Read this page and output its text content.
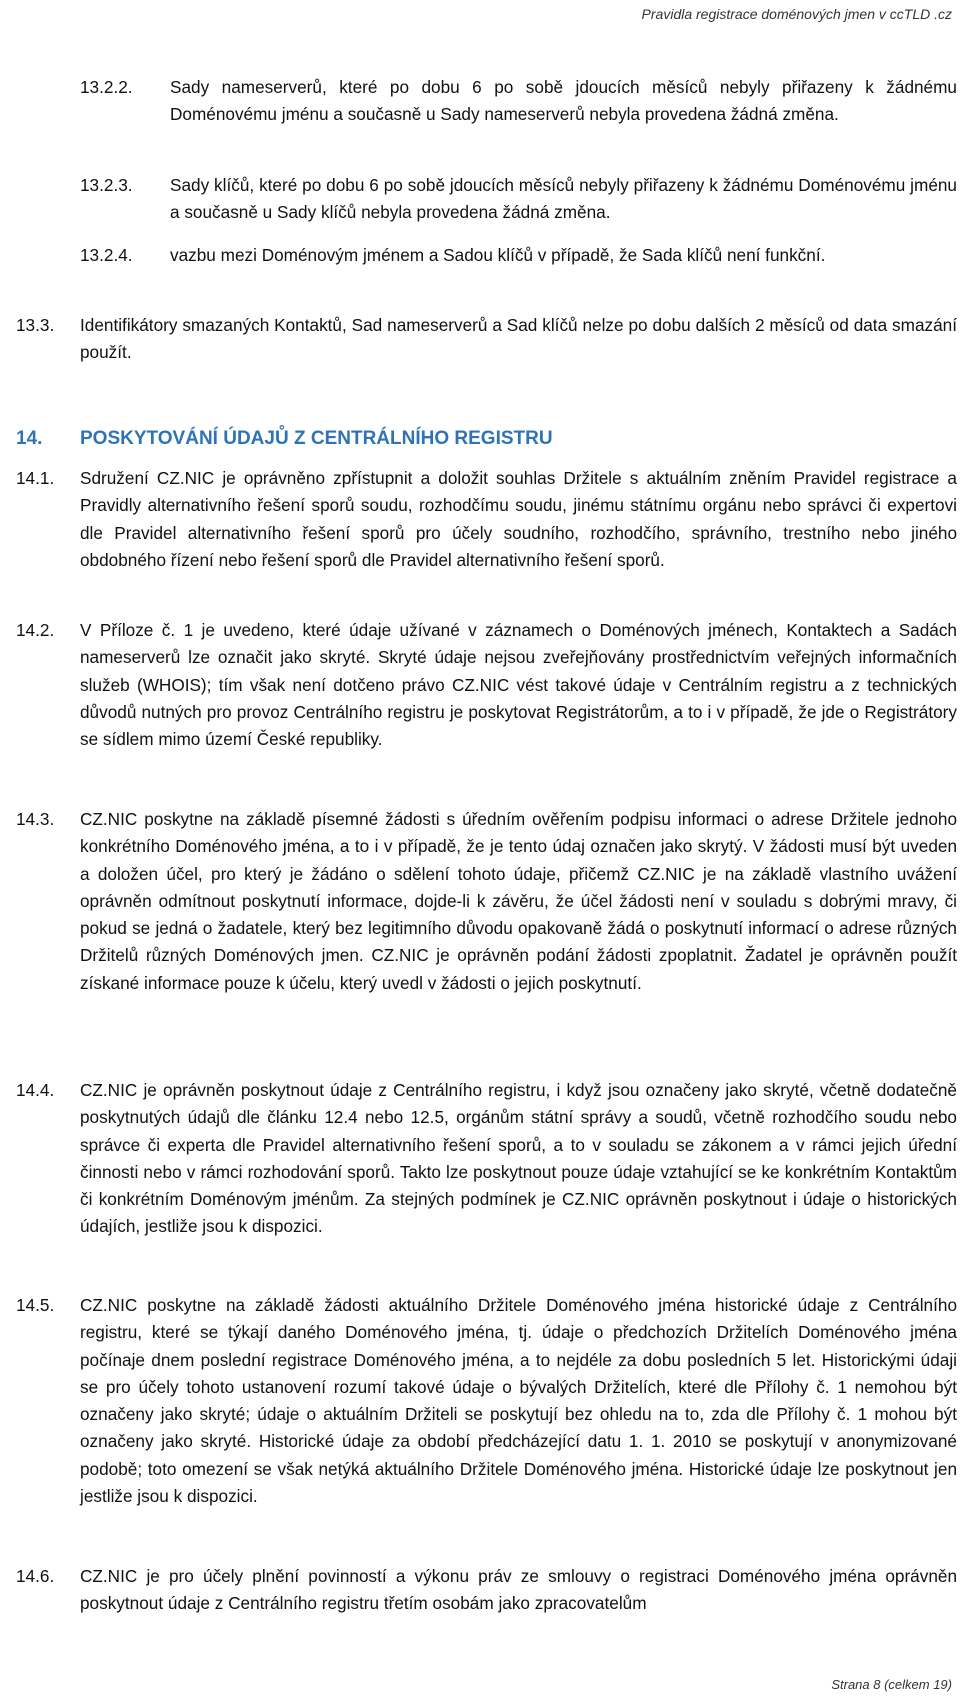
Pravidla registrace doménových jmen v ccTLD .cz
13.2.2. Sady nameserverů, které po dobu 6 po sobě jdoucích měsíců nebyly přiřazeny k žádnému Doménovému jménu a současně u Sady nameserverů nebyla provedena žádná změna.
13.2.3. Sady klíčů, které po dobu 6 po sobě jdoucích měsíců nebyly přiřazeny k žádnému Doménovému jménu a současně u Sady klíčů nebyla provedena žádná změna.
13.2.4. vazbu mezi Doménovým jménem a Sadou klíčů v případě, že Sada klíčů není funkční.
13.3. Identifikátory smazaných Kontaktů, Sad nameserverů a Sad klíčů nelze po dobu dalších 2 měsíců od data smazání použít.
14. POSKYTOVÁNÍ ÚDAJŮ Z CENTRÁLNÍHO REGISTRU
14.1. Sdružení CZ.NIC je oprávněno zpřístupnit a doložit souhlas Držitele s aktuálním zněním Pravidel registrace a Pravidly alternativního řešení sporů soudu, rozhodčímu soudu, jinému státnímu orgánu nebo správci či expertovi dle Pravidel alternativního řešení sporů pro účely soudního, rozhodčího, správního, trestního nebo jiného obdobného řízení nebo řešení sporů dle Pravidel alternativního řešení sporů.
14.2. V Příloze č. 1 je uvedeno, které údaje užívané v záznamech o Doménových jménech, Kontaktech a Sadách nameserverů lze označit jako skryté. Skryté údaje nejsou zveřejňovány prostřednictvím veřejných informačních služeb (WHOIS); tím však není dotčeno právo CZ.NIC vést takové údaje v Centrálním registru a z technických důvodů nutných pro provoz Centrálního registru je poskytovat Registrátorům, a to i v případě, že jde o Registrátory se sídlem mimo území České republiky.
14.3. CZ.NIC poskytne na základě písemné žádosti s úředním ověřením podpisu informaci o adrese Držitele jednoho konkrétního Doménového jména, a to i v případě, že je tento údaj označen jako skrytý. V žádosti musí být uveden a doložen účel, pro který je žádáno o sdělení tohoto údaje, přičemž CZ.NIC je na základě vlastního uvážení oprávněn odmítnout poskytnutí informace, dojde-li k závěru, že účel žádosti není v souladu s dobrými mravy, či pokud se jedná o žadatele, který bez legitimního důvodu opakovaně žádá o poskytnutí informací o adrese různých Držitelů různých Doménových jmen. CZ.NIC je oprávněn podání žádosti zpoplatnit. Žadatel je oprávněn použít získané informace pouze k účelu, který uvedl v žádosti o jejich poskytnutí.
14.4. CZ.NIC je oprávněn poskytnout údaje z Centrálního registru, i když jsou označeny jako skryté, včetně dodatečně poskytnutých údajů dle článku 12.4 nebo 12.5, orgánům státní správy a soudů, včetně rozhodčího soudu nebo správce či experta dle Pravidel alternativního řešení sporů, a to v souladu se zákonem a v rámci jejich úřední činnosti nebo v rámci rozhodování sporů. Takto lze poskytnout pouze údaje vztahující se ke konkrétním Kontaktům či konkrétním Doménovým jménům. Za stejných podmínek je CZ.NIC oprávněn poskytnout i údaje o historických údajích, jestliže jsou k dispozici.
14.5. CZ.NIC poskytne na základě žádosti aktuálního Držitele Doménového jména historické údaje z Centrálního registru, které se týkají daného Doménového jména, tj. údaje o předchozích Držitelích Doménového jména počínaje dnem poslední registrace Doménového jména, a to nejdéle za dobu posledních 5 let. Historickými údaji se pro účely tohoto ustanovení rozumí takové údaje o bývalých Držitelích, které dle Přílohy č. 1 nemohou být označeny jako skryté; údaje o aktuálním Držiteli se poskytují bez ohledu na to, zda dle Přílohy č. 1 mohou být označeny jako skryté. Historické údaje za období předcházející datu 1. 1. 2010 se poskytují v anonymizované podobě; toto omezení se však netýká aktuálního Držitele Doménového jména. Historické údaje lze poskytnout jen jestliže jsou k dispozici.
14.6. CZ.NIC je pro účely plnění povinností a výkonu práv ze smlouvy o registraci Doménového jména oprávněn poskytnout údaje z Centrálního registru třetím osobám jako zpracovatelům
Strana 8 (celkem 19)
